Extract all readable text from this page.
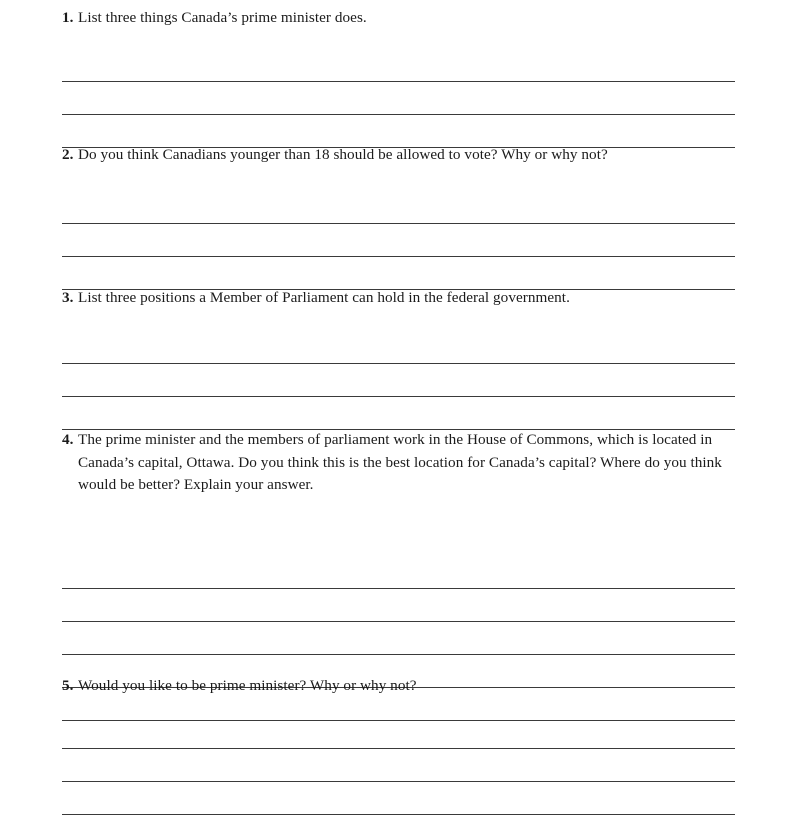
1. List three things Canada’s prime minister does.

2. Do you think Canadians younger than 18 should be allowed to vote? Why or why not?

3. List three positions a Member of Parliament can hold in the federal government.

4. The prime minister and the members of parliament work in the House of Commons, which is located in Canada’s capital, Ottawa. Do you think this is the best location for Canada’s capital? Where do you think would be better? Explain your answer.

5. Would you like to be prime minister? Why or why not?
